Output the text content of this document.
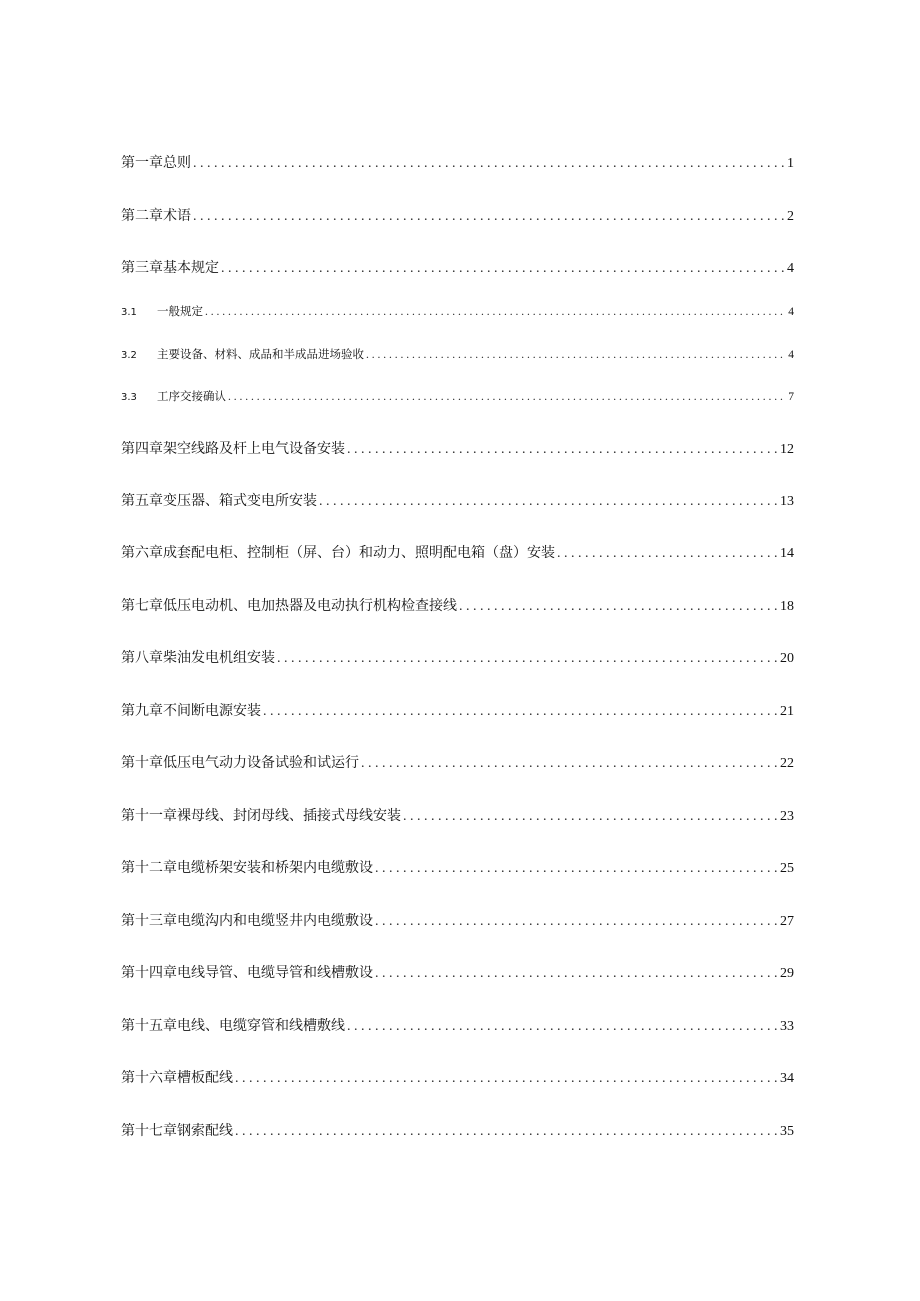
第一章总则 . . .	1
第二章术语 . . .	2
第三章基本规定 . . .	4
3.1	一般规定 . . .	4
3.2	主要设备、材料、成品和半成品进场验收 . . .	4
3.3	工序交接确认 . . .	7
第四章架空线路及杆上电气设备安装 . . .	12
第五章变压器、箱式变电所安装 . . .	13
第六章成套配电柜、控制柜（屏、台）和动力、照明配电箱（盘）安装 . . .	14
第七章低压电动机、电加热器及电动执行机构检查接线 . . .	18
第八章柴油发电机组安装 . . .	20
第九章不间断电源安装 . . .	21
第十章低压电气动力设备试验和试运行 . . .	22
第十一章裸母线、封闭母线、插接式母线安装 . . .	23
第十二章电缆桥架安装和桥架内电缆敷设 . . .	25
第十三章电缆沟内和电缆竖井内电缆敷设 . . .	27
第十四章电线导管、电缆导管和线槽敷设 . . .	29
第十五章电线、电缆穿管和线槽敷线 . . .	33
第十六章槽板配线 . . .	34
第十七章钢索配线 . . .	35
